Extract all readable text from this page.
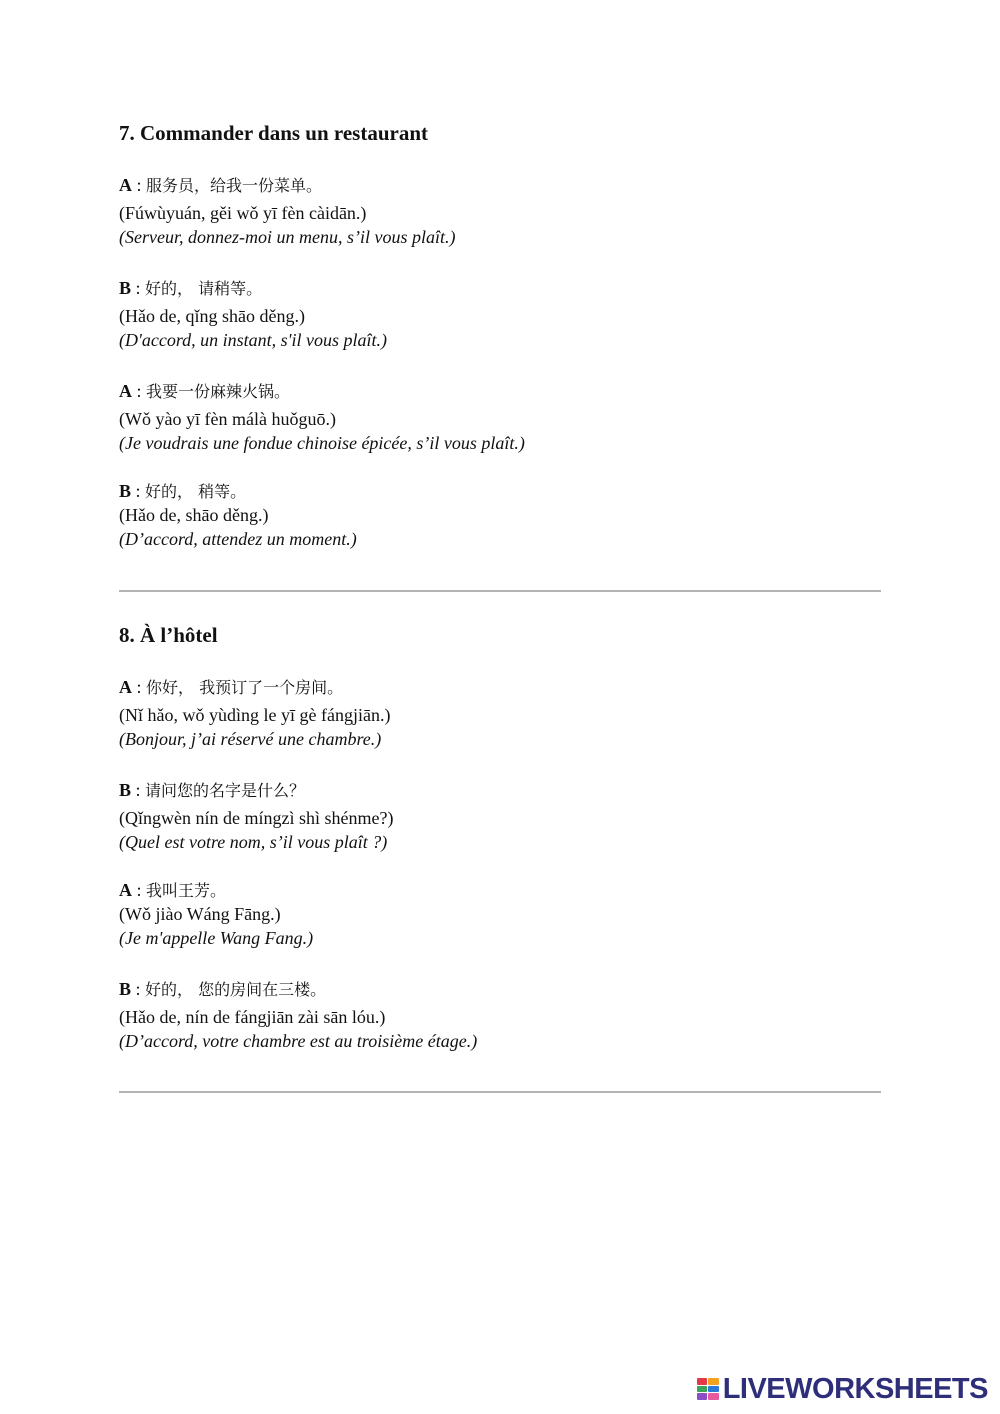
7. Commander dans un restaurant
A : 服务员，给我一份菜单。
(Fúwùyuán, gěi wǒ yī fèn càidān.)
(Serveur, donnez-moi un menu, s’il vous plaît.)
B : 好的， 请稍等。
(Hǎo de, qǐng shāo děng.)
(D'accord, un instant, s'il vous plaît.)
A : 我要一份麻辣火锅。
(Wǒ yào yī fèn málà huǒguō.)
(Je voudrais une fondue chinoise épicée, s’il vous plaît.)
B : 好的， 稍等。
(Hǎo de, shāo děng.)
(D’accord, attendez un moment.)
8. À l’hôtel
A : 你好， 我预订了一个房间。
(Nǐ hǎo, wǒ yùdìng le yī gè fángjiān.)
(Bonjour, j’ai réservé une chambre.)
B : 请问您的名字是什么？
(Qǐngwèn nín de míngzì shì shénme?)
(Quel est votre nom, s’il vous plaît ?)
A : 我叫王芳。
(Wǒ jiào Wáng Fāng.)
(Je m'appelle Wang Fang.)
B : 好的， 您的房间在三楼。
(Hǎo de, nín de fángjiān zài sān lóu.)
(D’accord, votre chambre est au troisième étage.)
LIVEWORKSHEETS
